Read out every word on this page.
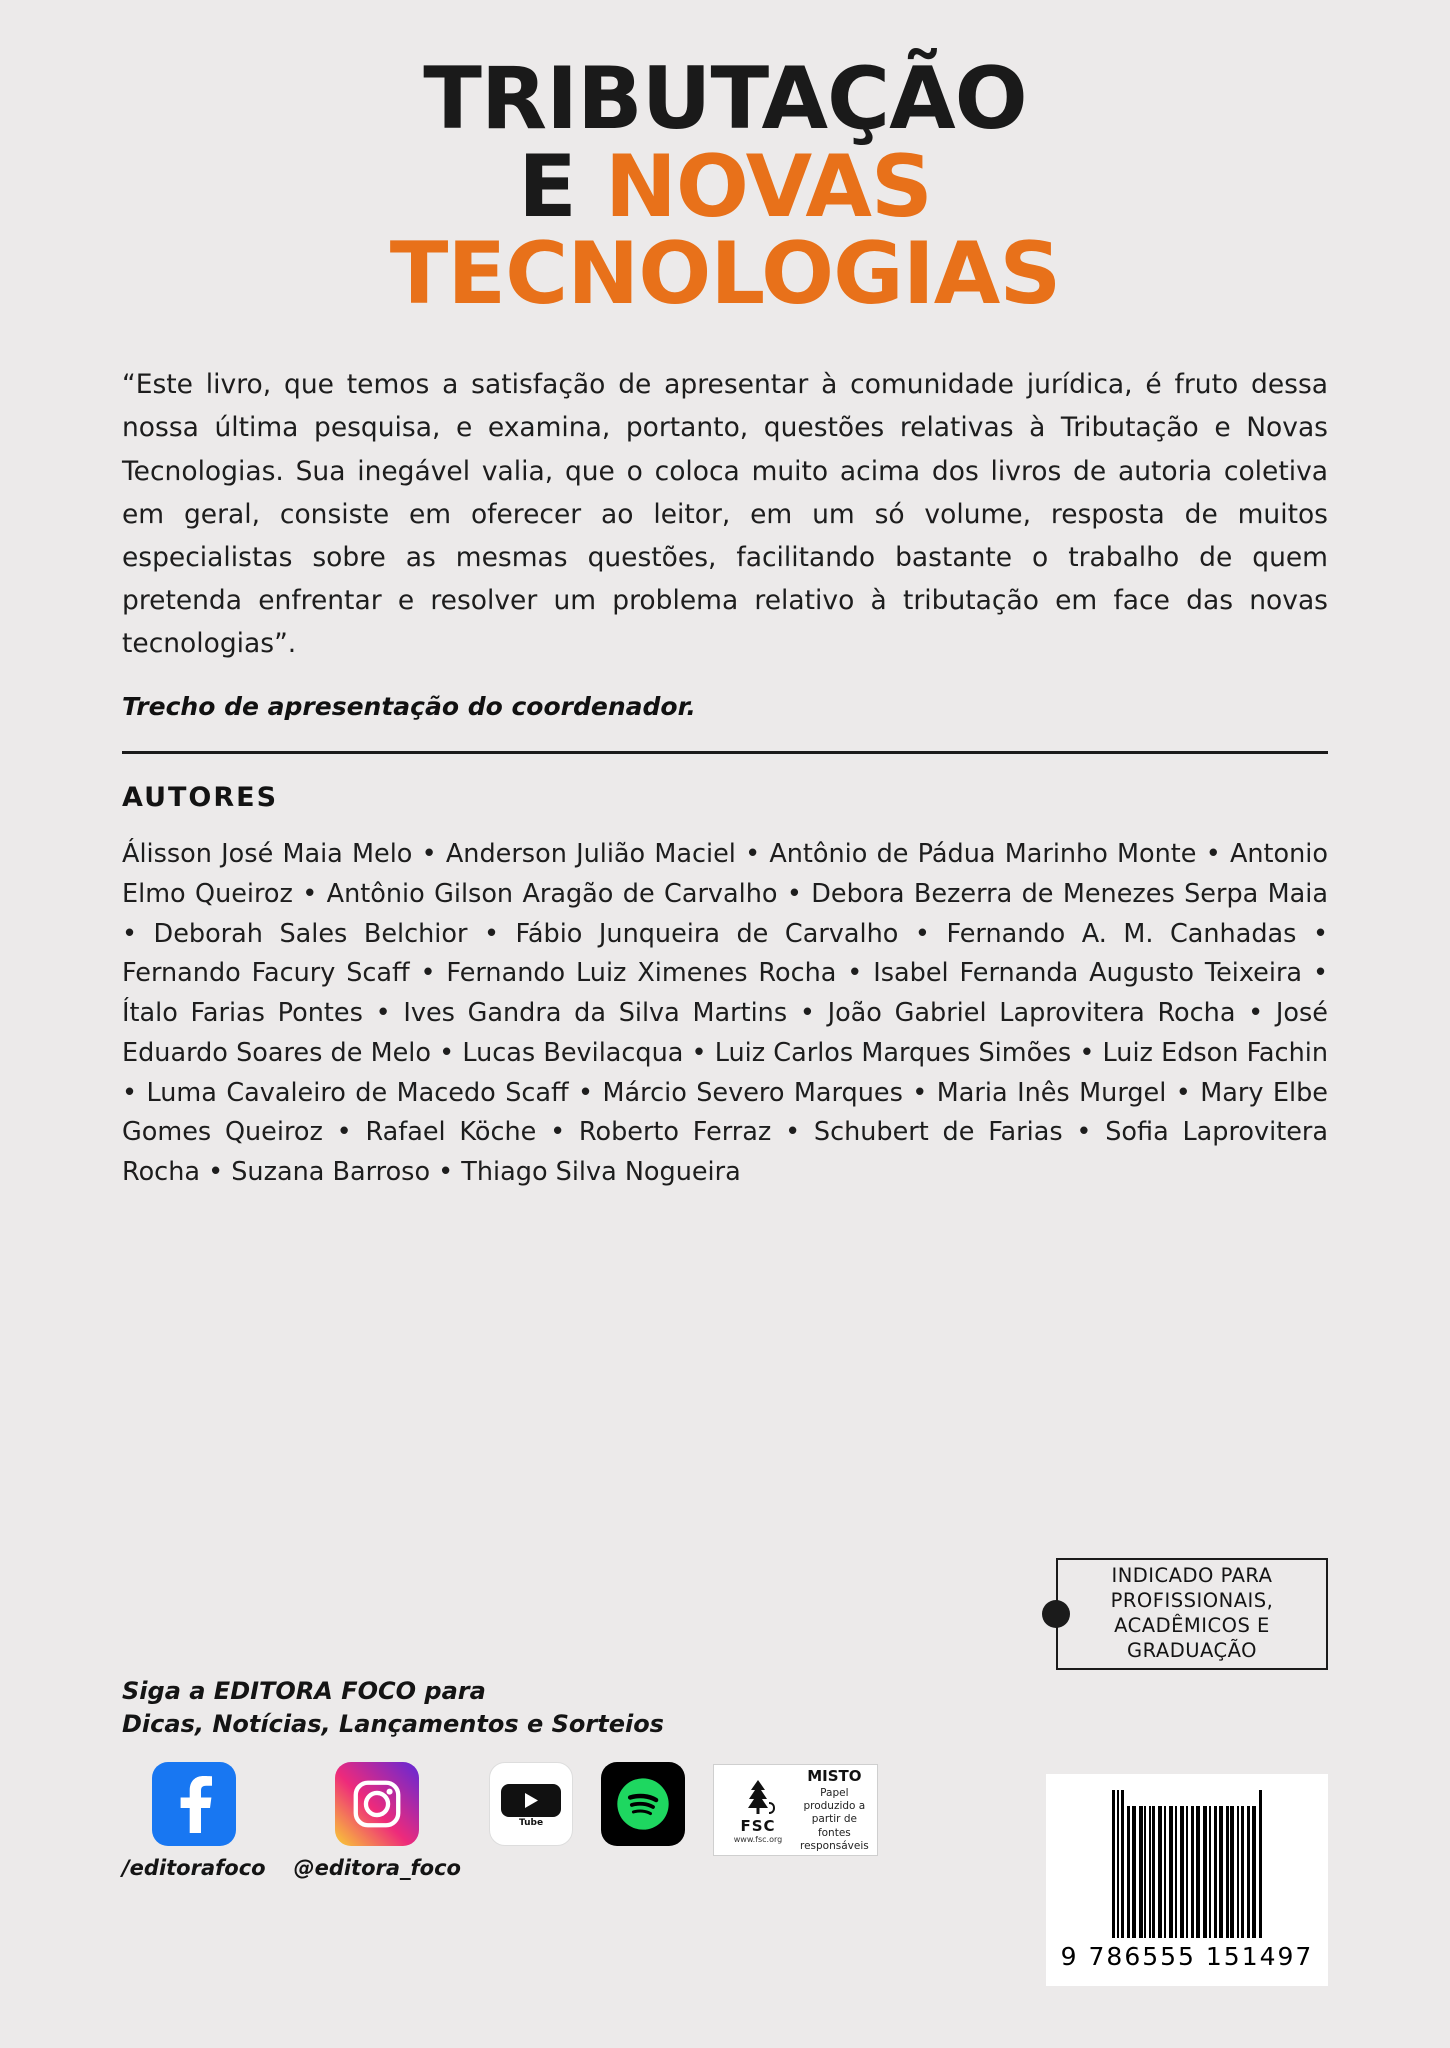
TRIBUTAÇÃO
E NOVAS
TECNOLOGIAS

“Este livro, que temos a satisfação de apresentar à comunidade jurídica, é fruto dessa nossa última pesquisa, e examina, portanto, questões relativas à Tributação e Novas Tecnologias. Sua inegável valia, que o coloca muito acima dos livros de autoria coletiva em geral, consiste em oferecer ao leitor, em um só volume, resposta de muitos especialistas sobre as mesmas questões, facilitando bastante o trabalho de quem pretenda enfrentar e resolver um problema relativo à tributação em face das novas tecnologias”.

Trecho de apresentação do coordenador.

AUTORES

Álisson José Maia Melo • Anderson Julião Maciel • Antônio de Pádua Marinho Monte • Antonio Elmo Queiroz • Antônio Gilson Aragão de Carvalho • Debora Bezerra de Menezes Serpa Maia • Deborah Sales Belchior • Fábio Junqueira de Carvalho • Fernando A. M. Canhadas • Fernando Facury Scaff • Fernando Luiz Ximenes Rocha • Isabel Fernanda Augusto Teixeira • Ítalo Farias Pontes • Ives Gandra da Silva Martins • João Gabriel Laprovitera Rocha • José Eduardo Soares de Melo • Lucas Bevilacqua • Luiz Carlos Marques Simões • Luiz Edson Fachin • Luma Cavaleiro de Macedo Scaff • Márcio Severo Marques • Maria Inês Murgel • Mary Elbe Gomes Queiroz • Rafael Köche • Roberto Ferraz • Schubert de Farias • Sofia Laprovitera Rocha • Suzana Barroso • Thiago Silva Nogueira

INDICADO PARA
PROFISSIONAIS,
ACADÊMICOS E
GRADUAÇÃO
Siga a EDITORA FOCO para
Dicas, Notícias, Lançamentos e Sorteios
/editorafoco @editora_foco
Tube	FSC
www.fsc.org
MISTO
Papel produzido a partir de fontes responsáveis
9 786555 151497
